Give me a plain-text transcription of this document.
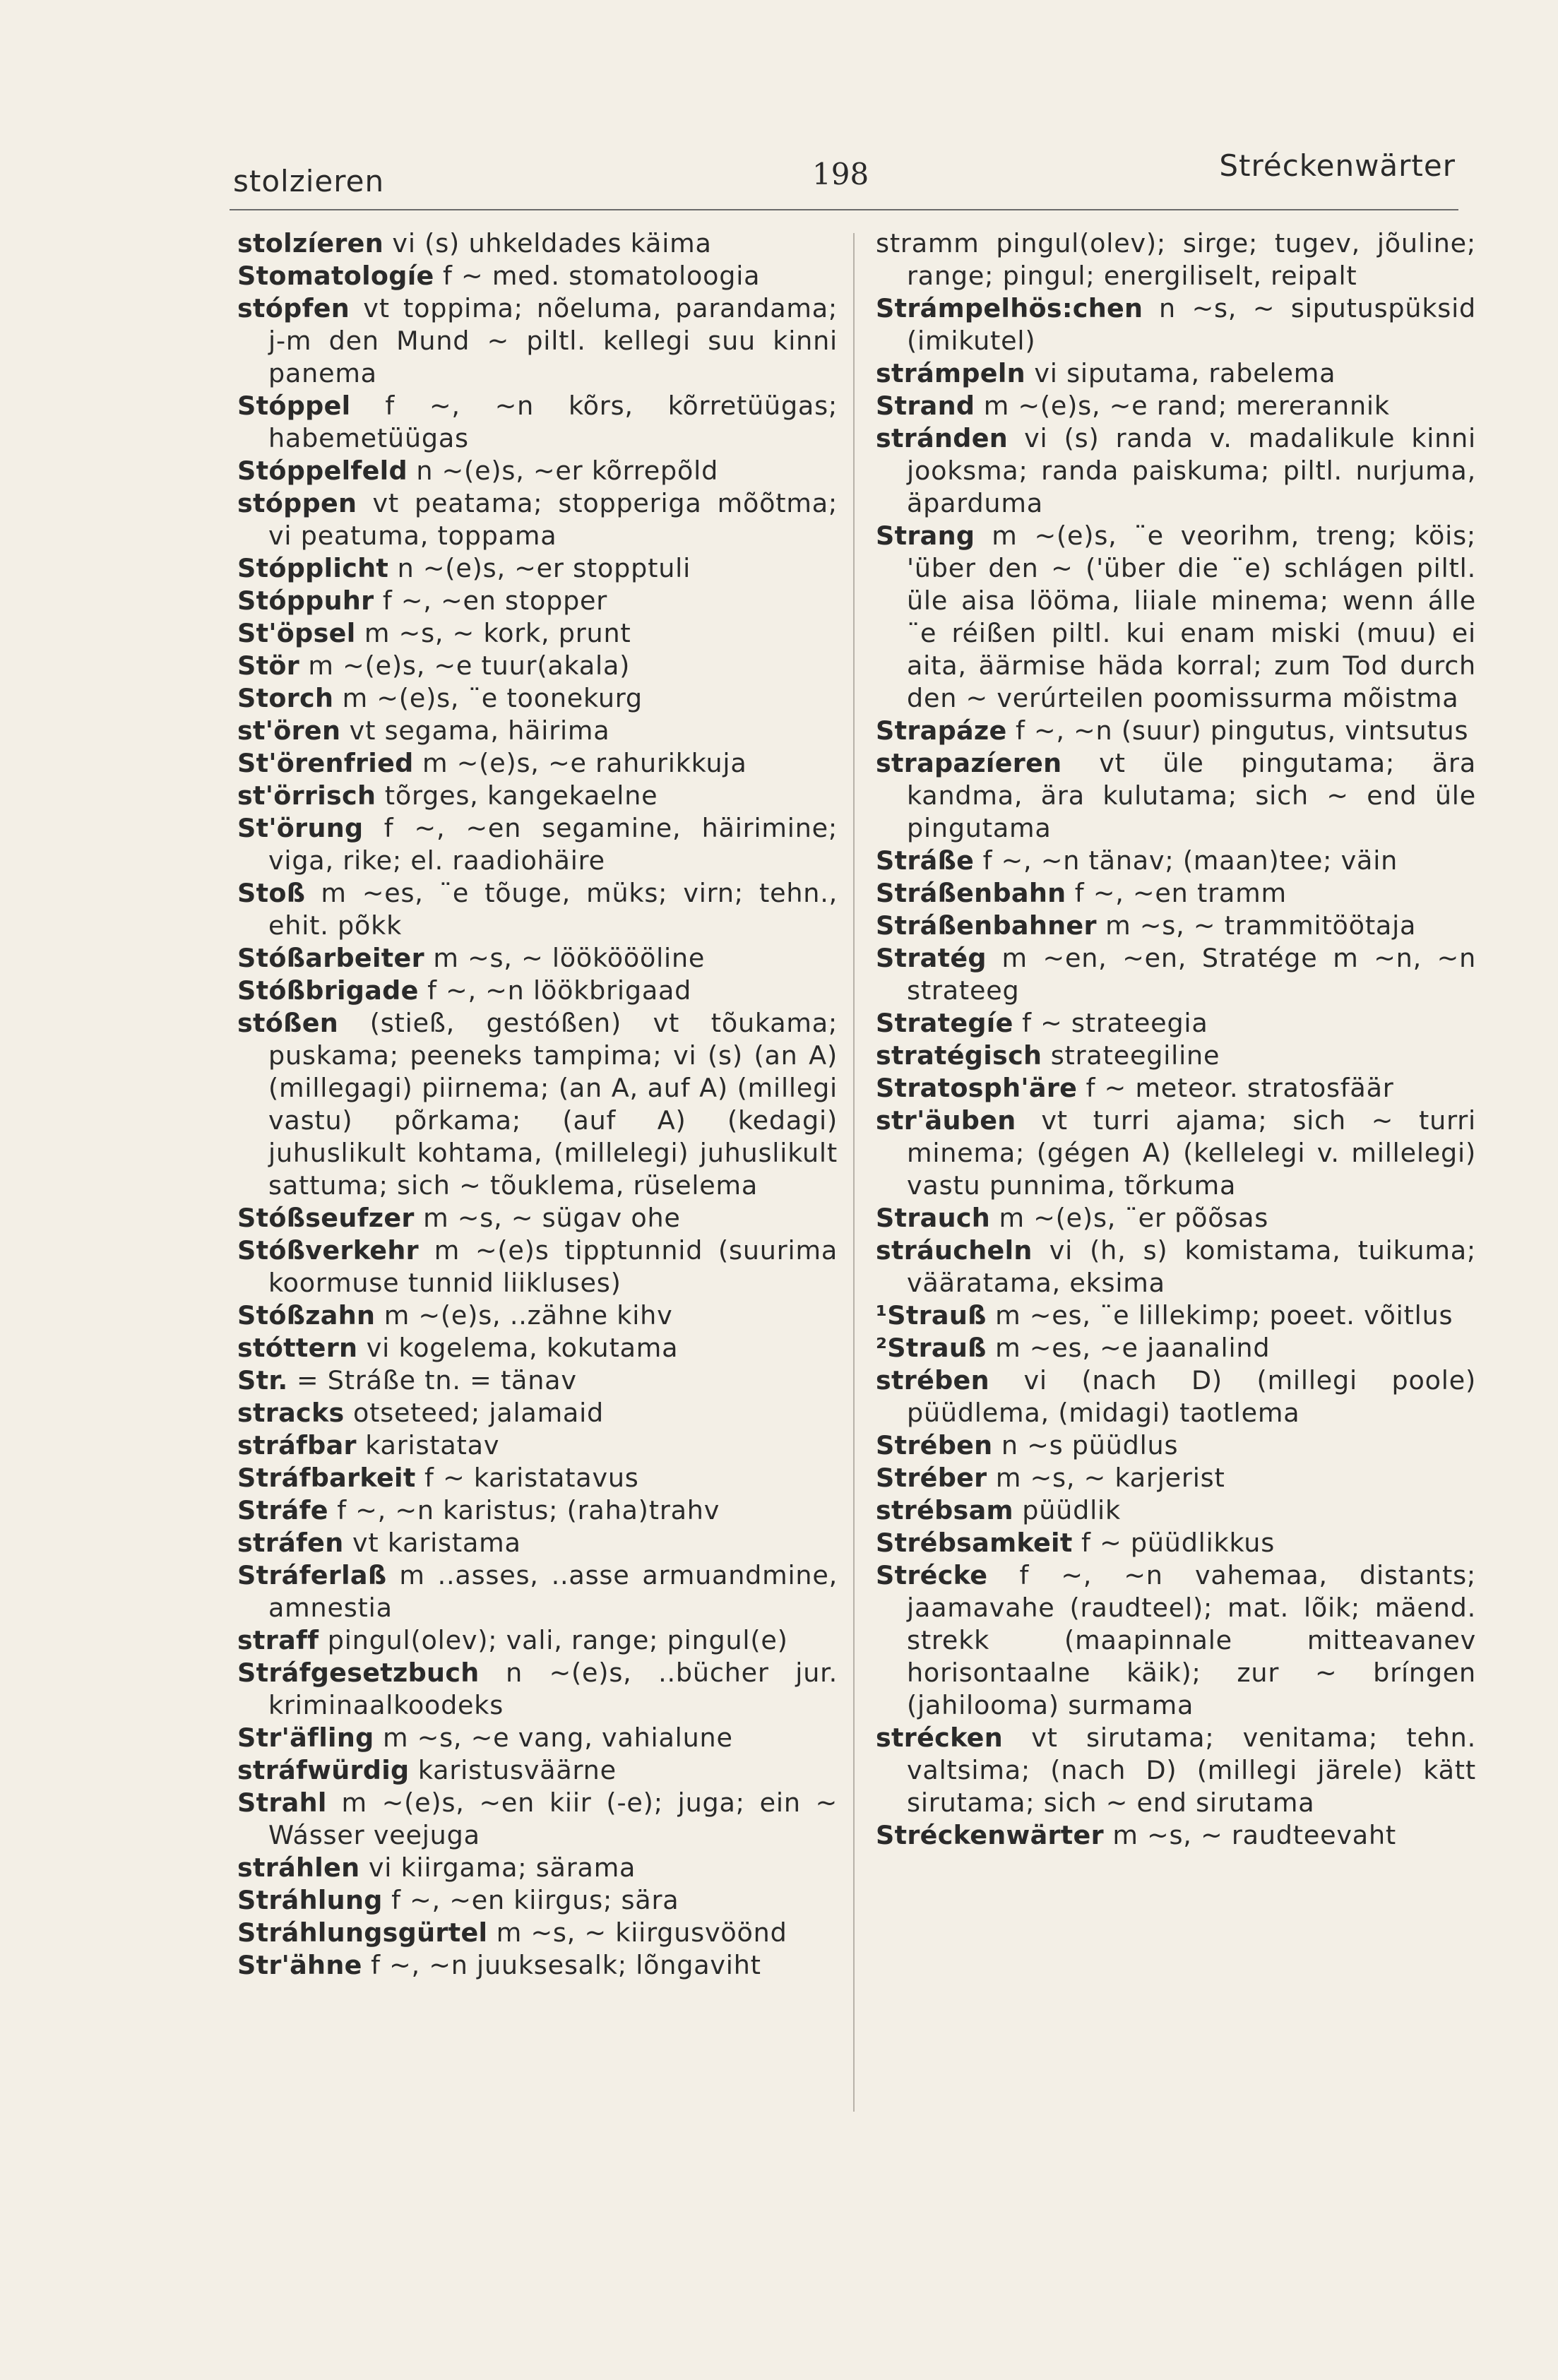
stolzieren	198	Stréckenwärter
stolzíeren vi (s) uhkeldades käima
Stomatologíe f ~ med. stomatoloogia
stópfen vt toppima; nõeluma, parandama; j-m den Mund ~ piltl. kellegi suu kinni panema
Stóppel f ~, ~n kõrs, kõrretüügas; habemetüügas
Stóppelfeld n ~(e)s, ~er kõrrepõld
stóppen vt peatama; stopperiga mõõtma; vi peatuma, toppama
Stópplicht n ~(e)s, ~er stopptuli
Stóppuhr f ~, ~en stopper
St'öpsel m ~s, ~ kork, prunt
Stör m ~(e)s, ~e tuur(akala)
Storch m ~(e)s, ¨e toonekurg
st'ören vt segama, häirima
St'örenfried m ~(e)s, ~e rahurikkuja
st'örrisch tõrges, kangekaelne
St'örung f ~, ~en segamine, häirimine; viga, rike; el. raadiohäire
Stoß m ~es, ¨e tõuge, müks; virn; tehn., ehit. põkk
Stóßarbeiter m ~s, ~ löököööline
Stóßbrigade f ~, ~n löökbrigaad
stóßen (stieß, gestóßen) vt tõukama; puskama; peeneks tampima; vi (s) (an A) (millegagi) piirnema; (an A, auf A) (millegi vastu) põrkama; (auf A) (kedagi) juhuslikult kohtama, (millelegi) juhuslikult sattuma; sich ~ tõuklema, rüselema
Stóßseufzer m ~s, ~ sügav ohe
Stóßverkehr m ~(e)s tipptunnid (suurima koormuse tunnid liikluses)
Stóßzahn m ~(e)s, ..zähne kihv
stóttern vi kogelema, kokutama
Str. = Stráße tn. = tänav
stracks otseteed; jalamaid
stráfbar karistatav
Stráfbarkeit f ~ karistatavus
Stráfe f ~, ~n karistus; (raha)trahv
stráfen vt karistama
Stráferlaß m ..asses, ..asse armuandmine, amnestia
straff pingul(olev); vali, range; pingul(e)
Stráfgesetzbuch n ~(e)s, ..bücher jur. kriminaalkoodeks
Str'äfling m ~s, ~e vang, vahialune
stráfwürdig karistusväärne
Strahl m ~(e)s, ~en kiir (-e); juga; ein ~ Wásser veejuga
stráhlen vi kiirgama; särama
Stráhlung f ~, ~en kiirgus; sära
Stráhlungsgürtel m ~s, ~ kiirgusvöönd
Str'ähne f ~, ~n juuksesalk; lõngaviht
stramm pingul(olev); sirge; tugev, jõuline; range; pingul; energiliselt, reipalt
Strámpelhös:chen n ~s, ~ siputuspüksid (imikutel)
strámpeln vi siputama, rabelema
Strand m ~(e)s, ~e rand; mererannik
stránden vi (s) randa v. madalikule kinni jooksma; randa paiskuma; piltl. nurjuma, äparduma
Strang m ~(e)s, ¨e veorihm, treng; köis; 'über den ~ ('über die ¨e) schlágen piltl. üle aisa lööma, liiale minema; wenn álle ¨e réißen piltl. kui enam miski (muu) ei aita, äärmise häda korral; zum Tod durch den ~ verúrteilen poomissurma mõistma
Strapáze f ~, ~n (suur) pingutus, vintsutus
strapazíeren vt üle pingutama; ära kandma, ära kulutama; sich ~ end üle pingutama
Stráße f ~, ~n tänav; (maan)tee; väin
Stráßenbahn f ~, ~en tramm
Stráßenbahner m ~s, ~ trammitöötaja
Stratég m ~en, ~en, Stratége m ~n, ~n strateeg
Strategíe f ~ strateegia
stratégisch strateegiline
Stratosph'äre f ~ meteor. stratosfäär
str'äuben vt turri ajama; sich ~ turri minema; (gégen A) (kellelegi v. millelegi) vastu punnima, tõrkuma
Strauch m ~(e)s, ¨er põõsas
stráucheln vi (h, s) komistama, tuikuma; vääratama, eksima
¹Strauß m ~es, ¨e lillekimp; poeet. võitlus
²Strauß m ~es, ~e jaanalind
strében vi (nach D) (millegi poole) püüdlema, (midagi) taotlema
Strében n ~s püüdlus
Stréber m ~s, ~ karjerist
strébsam püüdlik
Strébsamkeit f ~ püüdlikkus
Strécke f ~, ~n vahemaa, distants; jaamavahe (raudteel); mat. lõik; mäend. strekk (maapinnale mitteavanev horisontaalne käik); zur ~ bríngen (jahilooma) surmama
strécken vt sirutama; venitama; tehn. valtsima; (nach D) (millegi järele) kätt sirutama; sich ~ end sirutama
Stréckenwärter m ~s, ~ raudteevaht
